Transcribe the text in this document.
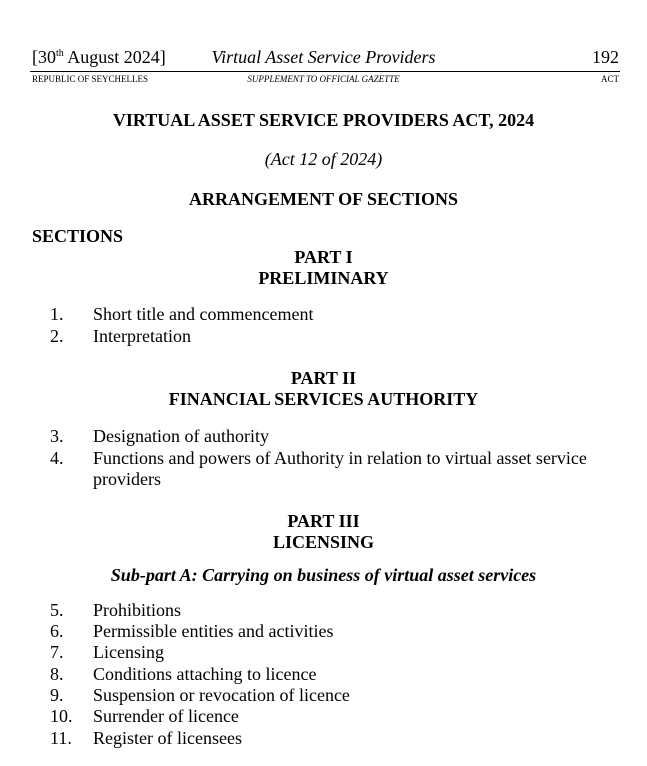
[30th August 2024]	Virtual Asset Service Providers	192
REPUBLIC OF SEYCHELLES	SUPPLEMENT TO OFFICIAL GAZETTE	ACT
VIRTUAL ASSET SERVICE PROVIDERS ACT, 2024
(Act 12 of 2024)
ARRANGEMENT OF SECTIONS
SECTIONS
PART I
PRELIMINARY
1. Short title and commencement
2. Interpretation
PART II
FINANCIAL SERVICES AUTHORITY
3. Designation of authority
4. Functions and powers of Authority in relation to virtual asset service
providers
PART III
LICENSING
Sub-part A: Carrying on business of virtual asset services
5. Prohibitions
6. Permissible entities and activities
7. Licensing
8. Conditions attaching to licence
9. Suspension or revocation of licence
10. Surrender of licence
11. Register of licensees
